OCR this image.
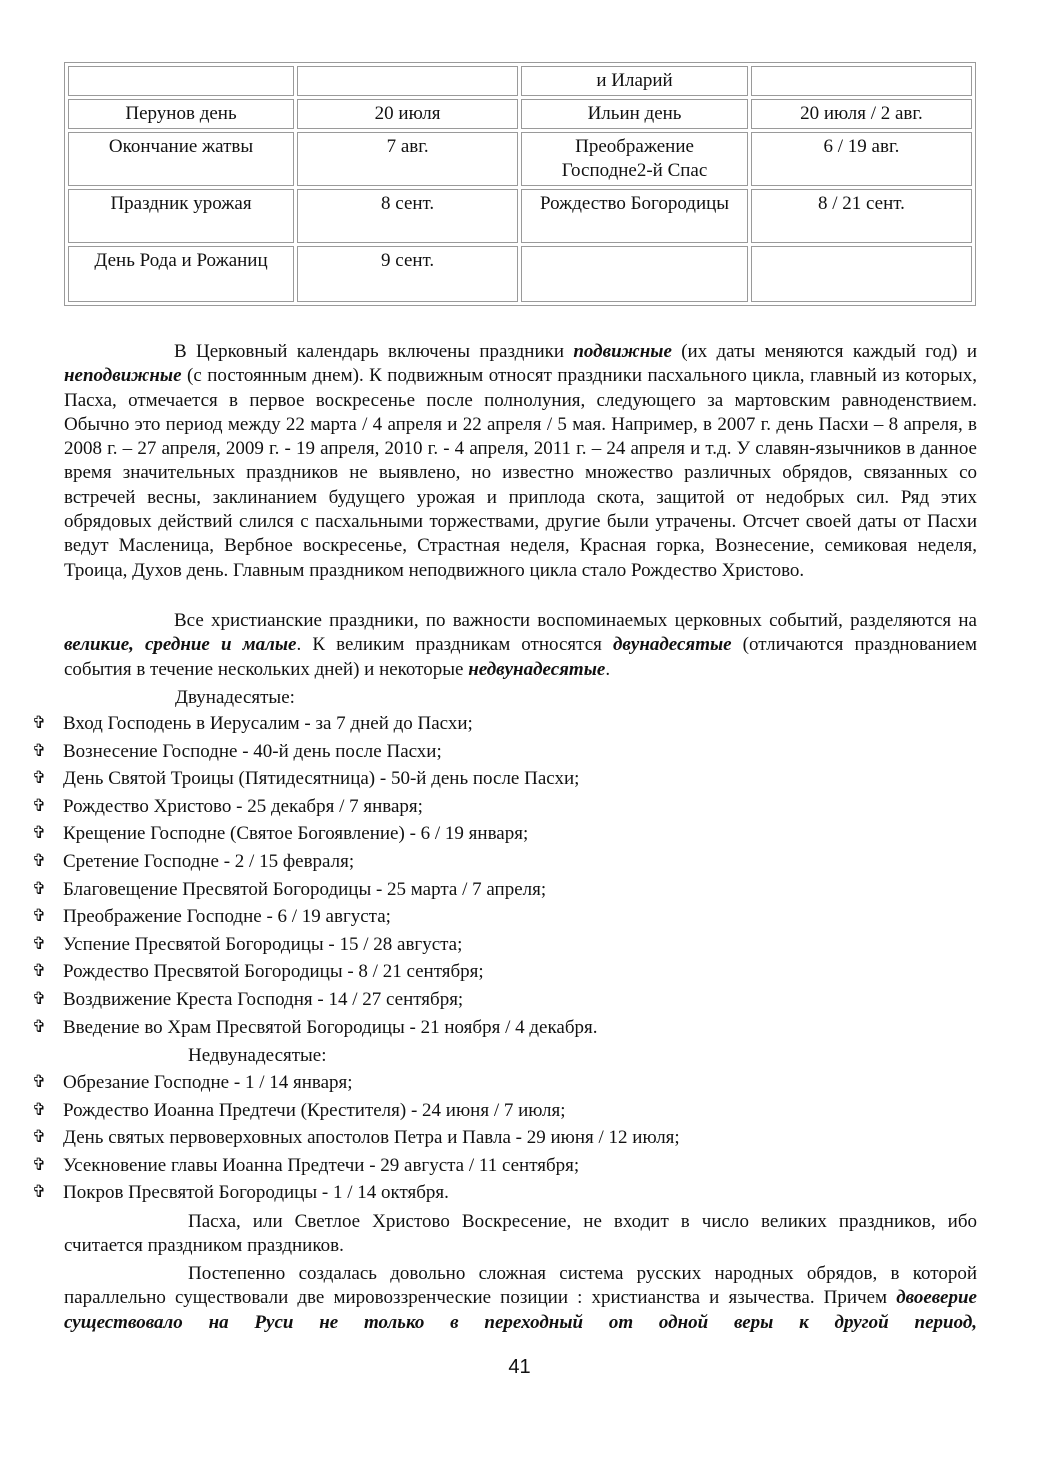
		и Иларий	
Перунов день	20 июля	Ильин день	20 июля / 2 авг.
Окончание жатвы	7 авг.	Преображение Господне2-й Спас	6 / 19 авг.
Праздник урожая	8 сент.	Рождество Богородицы	8 / 21 сент.
День Рода и Рожаниц	9 сент.		

В Церковный календарь включены праздники подвижные (их даты меняются каждый год) и неподвижные (с постоянным днем). К подвижным относят праздники пасхального цикла, главный из которых, Пасха, отмечается в первое воскресенье после полнолуния, следующего за мартовским равноденствием. Обычно это период между 22 марта / 4 апреля и 22 апреля / 5 мая. Например, в 2007 г. день Пасхи – 8 апреля, в 2008 г. – 27 апреля, 2009 г. - 19 апреля, 2010 г. - 4 апреля, 2011 г. – 24 апреля и т.д. У славян-язычников в данное время значительных праздников не выявлено, но известно множество различных обрядов, связанных со встречей весны, заклинанием будущего урожая и приплода скота, защитой от недобрых сил. Ряд этих обрядовых действий слился с пасхальными торжествами, другие были утрачены. Отсчет своей даты от Пасхи ведут Масленица, Вербное воскресенье, Страстная неделя, Красная горка, Вознесение, семиковая неделя, Троица, Духов день. Главным праздником неподвижного цикла стало Рождество Христово.

Все христианские праздники, по важности воспоминаемых церковных событий, разделяются на великие, средние и малые. К великим праздникам относятся двунадесятые (отличаются празднованием события в течение нескольких дней) и некоторые недвунадесятые.

Двунадесятые:
✞ Вход Господень в Иерусалим - за 7 дней до Пасхи;
✞ Вознесение Господне - 40-й день после Пасхи;
✞ День Святой Троицы (Пятидесятница) - 50-й день после Пасхи;
✞ Рождество Христово - 25 декабря / 7 января;
✞ Крещение Господне (Святое Богоявление) - 6 / 19 января;
✞ Сретение Господне - 2 / 15 февраля;
✞ Благовещение Пресвятой Богородицы - 25 марта / 7 апреля;
✞ Преображение Господне - 6 / 19 августа;
✞ Успение Пресвятой Богородицы - 15 / 28 августа;
✞ Рождество Пресвятой Богородицы - 8 / 21 сентября;
✞ Воздвижение Креста Господня - 14 / 27 сентября;
✞ Введение во Храм Пресвятой Богородицы - 21 ноября / 4 декабря.
Недвунадесятые:
✞ Обрезание Господне - 1 / 14 января;
✞ Рождество Иоанна Предтечи (Крестителя) - 24 июня / 7 июля;
✞ День святых первоверховных апостолов Петра и Павла - 29 июня / 12 июля;
✞ Усекновение главы Иоанна Предтечи - 29 августа / 11 сентября;
✞ Покров Пресвятой Богородицы - 1 / 14 октября.

Пасха, или Светлое Христово Воскресение, не входит в число великих праздников, ибо считается праздником праздников.

Постепенно создалась довольно сложная система русских народных обрядов, в которой параллельно существовали две мировоззренческие позиции : христианства и язычества. Причем двоеверие существовало на Руси не только в переходный от одной веры к другой период,

41
